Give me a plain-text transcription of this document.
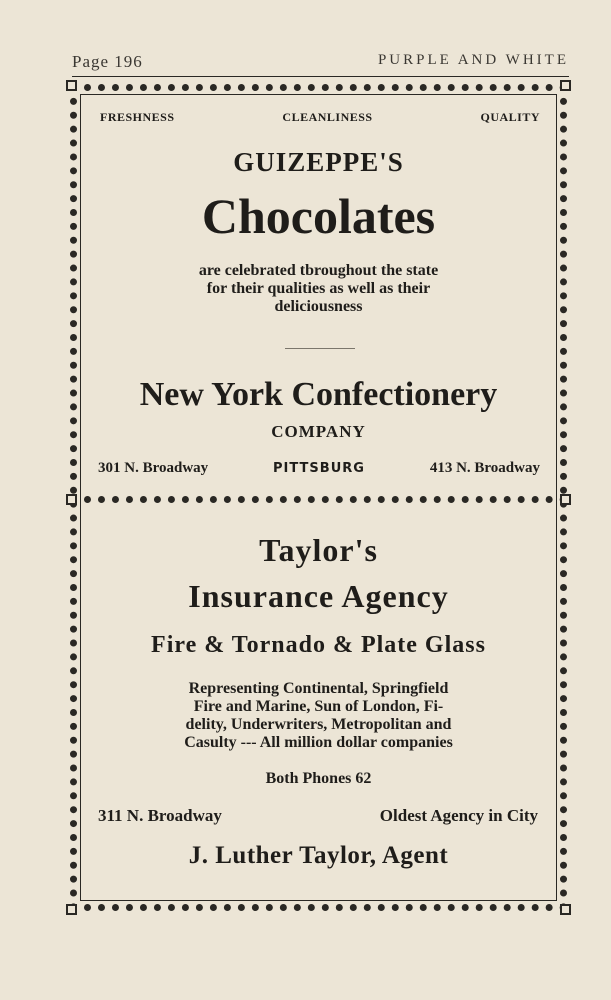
Page 196	PURPLE AND WHITE
FRESHNESS	CLEANLINESS	QUALITY
GUIZEPPE'S
Chocolates
are celebrated tbroughout the state
for their qualities as well as their
deliciousness
New York Confectionery
COMPANY
301 N. Broadway	PITTSBURG	413 N. Broadway
Taylor's
Insurance Agency
Fire & Tornado & Plate Glass
Representing Continental, Springfield
Fire and Marine, Sun of London, Fi-
delity, Underwriters, Metropolitan and
Casulty --- All million dollar companies
Both Phones 62
311 N. Broadway	Oldest Agency in City
J. Luther Taylor, Agent
